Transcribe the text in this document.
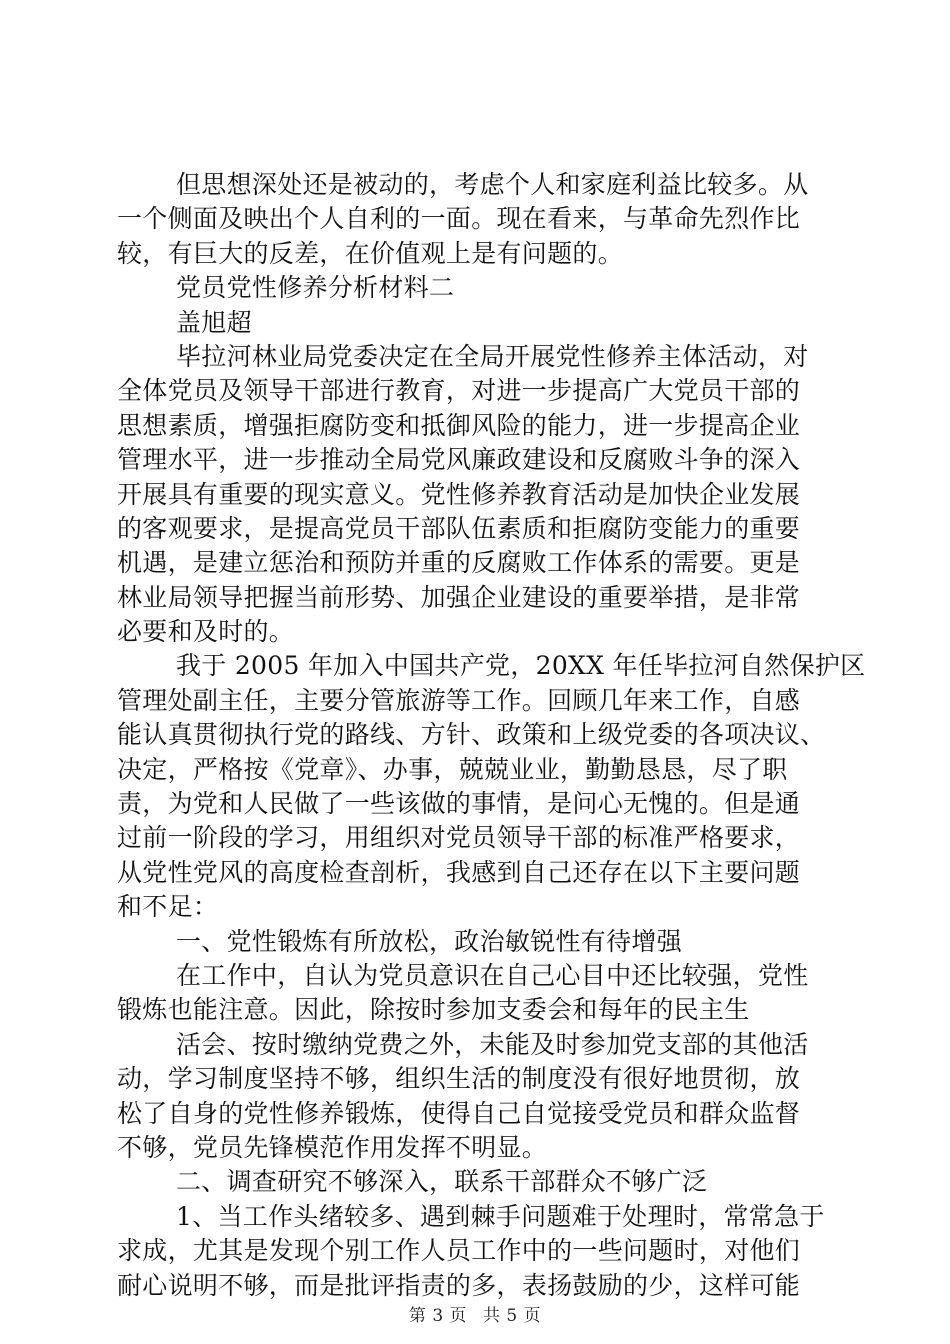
但思想深处还是被动的，考虑个人和家庭利益比较多。从
一个侧面及映出个人自利的一面。现在看来，与革命先烈作比
较，有巨大的反差，在价值观上是有问题的。
党员党性修养分析材料二
盖旭超
毕拉河林业局党委决定在全局开展党性修养主体活动，对
全体党员及领导干部进行教育，对进一步提高广大党员干部的
思想素质，增强拒腐防变和抵御风险的能力，进一步提高企业
管理水平，进一步推动全局党风廉政建设和反腐败斗争的深入
开展具有重要的现实意义。党性修养教育活动是加快企业发展
的客观要求，是提高党员干部队伍素质和拒腐防变能力的重要
机遇，是建立惩治和预防并重的反腐败工作体系的需要。更是
林业局领导把握当前形势、加强企业建设的重要举措，是非常
必要和及时的。
我于 2005 年加入中国共产党，20XX 年任毕拉河自然保护区
管理处副主任，主要分管旅游等工作。回顾几年来工作，自感
能认真贯彻执行党的路线、方针、政策和上级党委的各项决议、
决定，严格按《党章》、办事，兢兢业业，勤勤恳恳，尽了职
责，为党和人民做了一些该做的事情，是问心无愧的。但是通
过前一阶段的学习，用组织对党员领导干部的标准严格要求，
从党性党风的高度检查剖析，我感到自己还存在以下主要问题
和不足：
一、党性锻炼有所放松，政治敏锐性有待增强
在工作中，自认为党员意识在自己心目中还比较强，党性
锻炼也能注意。因此，除按时参加支委会和每年的民主生
活会、按时缴纳党费之外，未能及时参加党支部的其他活
动，学习制度坚持不够，组织生活的制度没有很好地贯彻，放
松了自身的党性修养锻炼，使得自己自觉接受党员和群众监督
不够，党员先锋模范作用发挥不明显。
二、调查研究不够深入，联系干部群众不够广泛
1、当工作头绪较多、遇到棘手问题难于处理时，常常急于
求成，尤其是发现个别工作人员工作中的一些问题时，对他们
耐心说明不够，而是批评指责的多，表扬鼓励的少，这样可能
第 3 页 共 5 页
